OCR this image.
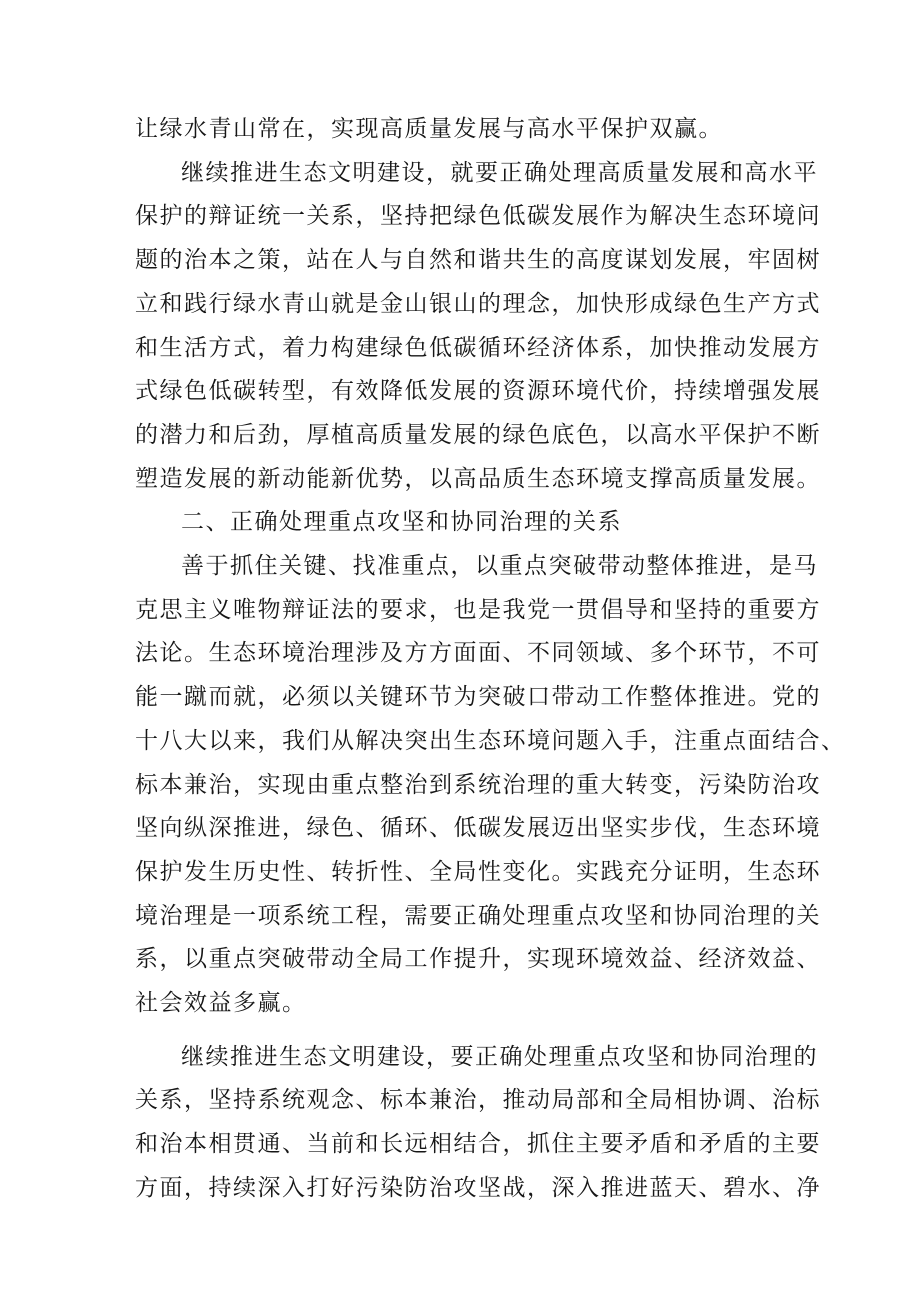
让绿水青山常在，实现高质量发展与高水平保护双赢。

继续推进生态文明建设，就要正确处理高质量发展和高水平
保护的辩证统一关系，坚持把绿色低碳发展作为解决生态环境问
题的治本之策，站在人与自然和谐共生的高度谋划发展，牢固树
立和践行绿水青山就是金山银山的理念，加快形成绿色生产方式
和生活方式，着力构建绿色低碳循环经济体系，加快推动发展方
式绿色低碳转型，有效降低发展的资源环境代价，持续增强发展
的潜力和后劲，厚植高质量发展的绿色底色，以高水平保护不断
塑造发展的新动能新优势，以高品质生态环境支撑高质量发展。

二、正确处理重点攻坚和协同治理的关系

善于抓住关键、找准重点，以重点突破带动整体推进，是马
克思主义唯物辩证法的要求，也是我党一贯倡导和坚持的重要方
法论。生态环境治理涉及方方面面、不同领域、多个环节，不可
能一蹴而就，必须以关键环节为突破口带动工作整体推进。党的
十八大以来，我们从解决突出生态环境问题入手，注重点面结合、
标本兼治，实现由重点整治到系统治理的重大转变，污染防治攻
坚向纵深推进，绿色、循环、低碳发展迈出坚实步伐，生态环境
保护发生历史性、转折性、全局性变化。实践充分证明，生态环
境治理是一项系统工程，需要正确处理重点攻坚和协同治理的关
系，以重点突破带动全局工作提升，实现环境效益、经济效益、
社会效益多赢。

继续推进生态文明建设，要正确处理重点攻坚和协同治理的
关系，坚持系统观念、标本兼治，推动局部和全局相协调、治标
和治本相贯通、当前和长远相结合，抓住主要矛盾和矛盾的主要
方面，持续深入打好污染防治攻坚战，深入推进蓝天、碧水、净
